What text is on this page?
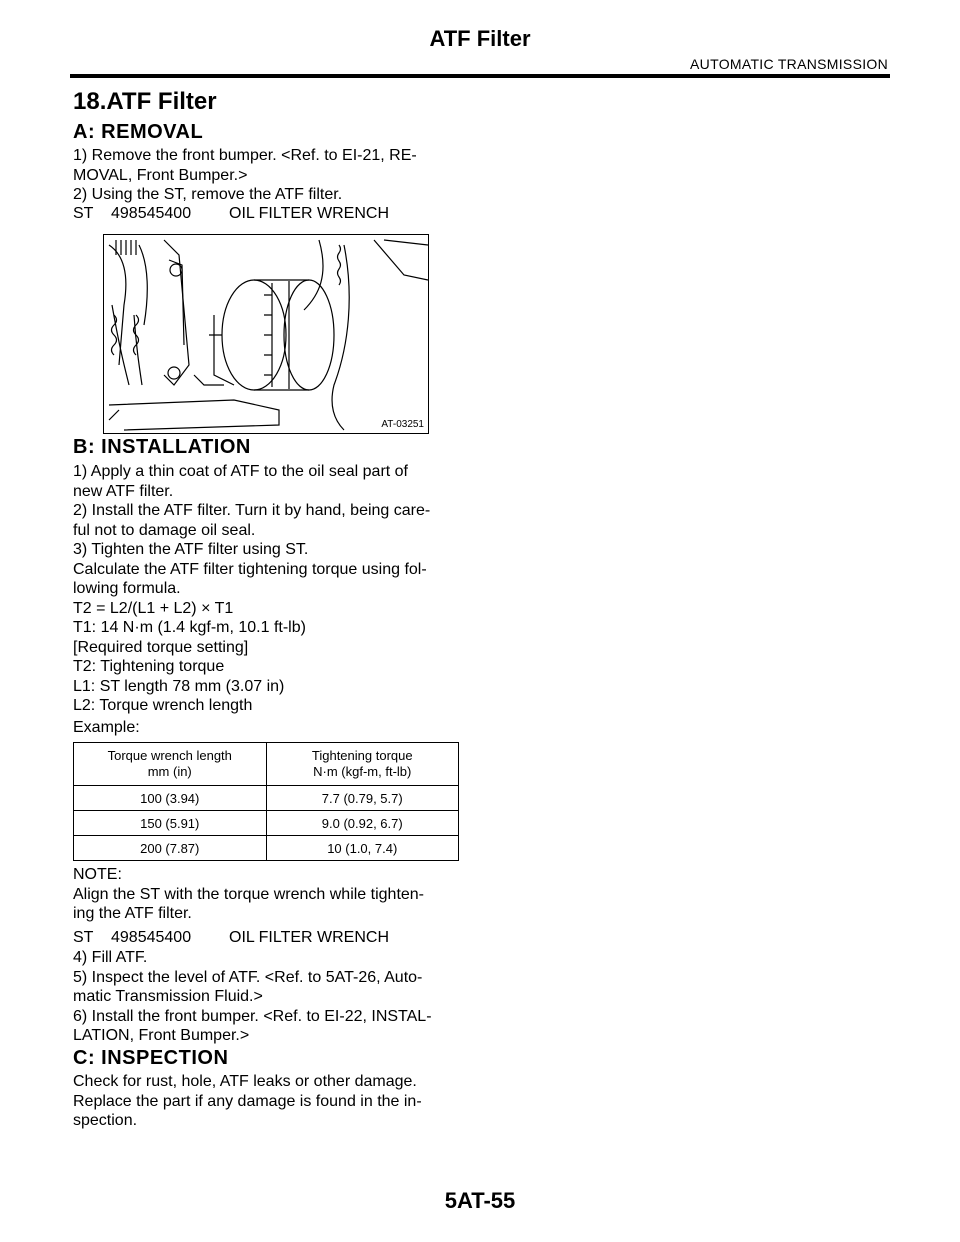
ATF Filter
AUTOMATIC TRANSMISSION
18.ATF Filter
A: REMOVAL
1) Remove the front bumper. <Ref. to EI-21, RE-
MOVAL, Front Bumper.>
2) Using the ST, remove the ATF filter.
ST 498545400 OIL FILTER WRENCH
AT-03251
B: INSTALLATION
1) Apply a thin coat of ATF to the oil seal part of
new ATF filter.
2) Install the ATF filter. Turn it by hand, being care-
ful not to damage oil seal.
3) Tighten the ATF filter using ST.
Calculate the ATF filter tightening torque using fol-
lowing formula.
T2 = L2/(L1 + L2) × T1
T1: 14 N·m (1.4 kgf-m, 10.1 ft-lb)
[Required torque setting]
T2: Tightening torque
L1: ST length 78 mm (3.07 in)
L2: Torque wrench length
Example:
Torque wrench length
mm (in)	Tightening torque
N·m (kgf-m, ft-lb)
100 (3.94)	7.7 (0.79, 5.7)
150 (5.91)	9.0 (0.92, 6.7)
200 (7.87)	10 (1.0, 7.4)
NOTE:
Align the ST with the torque wrench while tighten-
ing the ATF filter.
ST 498545400 OIL FILTER WRENCH
4) Fill ATF.
5) Inspect the level of ATF. <Ref. to 5AT-26, Auto-
matic Transmission Fluid.>
6) Install the front bumper. <Ref. to EI-22, INSTAL-
LATION, Front Bumper.>
C: INSPECTION
Check for rust, hole, ATF leaks or other damage.
Replace the part if any damage is found in the in-
spection.
5AT-55
